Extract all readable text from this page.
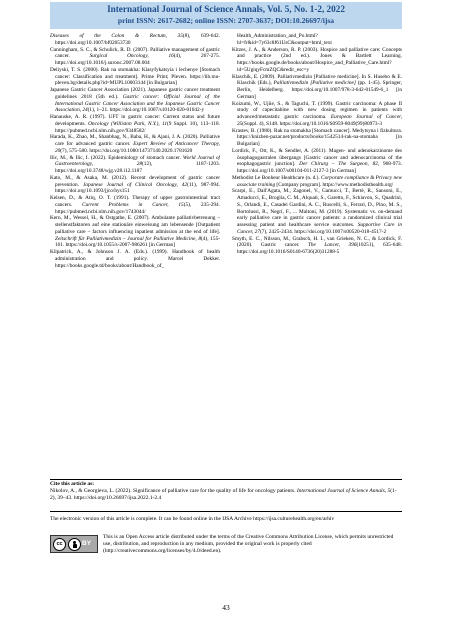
International Journal of Science Annals, Vol. 5, No. 1-2, 2022
print ISSN: 2617-2682; online ISSN: 2707-3637; DOI:10.26697/ijsa

Diseases of the Colon & Rectum, 35(8), 639-642. https://doi.org/10.1007/bf02053730

Cunningham, S. C., & Schulick, R. D. (2007). Palliative management of gastric cancer. Surgical Oncology, 16(4), 267-275. https://doi.org/10.1016/j.suronc.2007.08.004

Deliyski, T. S. (2000). Rak na stomakha: Klasyfykatsyia i lechenye [Stomach cancer: Classification and treatment]. Prime Print; Pleven. https://lib.mu-pleven.bg/details.php?id=MUPL10003144 [in Bulgarian]

Japanese Gastric Cancer Association (2021). Japanese gastric cancer treatment guidelines 2018 (5th ed.). Gastric cancer: Official Journal of the International Gastric Cancer Association and the Japanese Gastric Cancer Association, 24(1), 1–21. https://doi.org/10.1007/s10120-020-01042-y

Hanauske, A. R. (1997). UFT in gastric cancer: Current status and future developments. Oncology (Williston Park, N.Y.), 11(9 Suppl. 10), 113–118. https://pubmed.ncbi.nlm.nih.gov/9348582/

Harada, K., Zhao, M., Shanbhag, N., Baba, H., & Ajani, J. A. (2020). Palliative care for advanced gastric cancer. Expert Review of Anticancer Therapy, 20(7), 575-580. https://doi.org/10.1080/14737140.2020.1781620

Ilic, M., & Ilic, I. (2022). Epidemiology of stomach cancer. World Journal of Gastroenterology, 28(12), 1187-1203. https://doi.org/10.3748/wjg.v28.i12.1187

Kato, M., & Asaka, M. (2012). Recent development of gastric cancer prevention. Japanese Journal of Clinical Oncology, 42(11), 987-994. https://doi.org/10.1093/jjco/hys151

Kelsen, D., & Atiq, O. T. (1991). Therapy of upper gastrointestinal tract cancers. Current Problems in Cancer, 15(5), 235-294. https://pubmed.ncbi.nlm.nih.gov/1743044/

Kern, M., Wessel, H., & Ostgathe, E. (2007). Ambulante palliativbetreuung – stellenstfaktoren auf eine stationäre einweisung am lebensende [Outpatient palliative care – factors influencing inpatient admission at the end of life]. Zeitschrift für Palliativmedizin – Journal for Palliative Medicine, 8(4), 155-161. https://doi.org/10.1055/s-2007-986261 [in German]

Kilpatrick, A., & Johnson J. A. (Eds.). (1999). Handbook of health administration and policy. Marcel Dekker. https://books.google.td/books/about/Handbook_of_

Health_Administration_and_Po.html?hl=fr&id=7y63c8f61UsC&output=html_text

Kitzes, J. A., & Anderson, R. P. (2003). Hospice and palliative care: Concepts and practice (2nd ed.). Jones & Bartlett Learning. https://books.google.de/books/about/Hospice_and_Palliative_Care.html?id=5UgiqyFcmZQC&redir_esc=y

Klaschik, E. (2009). Palliativmedizin [Palliative medicine]. In S. Husebo & E. Klaschik (Eds.), Palliativmedizin [Palliative medicine] (pp. 1-45). Springer, Berlin, Heidelberg. https://doi.org/10.1007/978-3-642-01549-6_1 [in German]

Koizumi, W., Ujiie, S., & Taguchi, T. (1999). Gastric carcinoma: A phase II study of capecitabine with new dosing regimen in patients with advanced/metastatic gastric carcinoma. European Journal of Cancer, 35(Suppl. 4), S148. https://doi.org/10.1016/S0959-8049(99)80973-3

Krastev, B. (1980). Rak na stomakha [Stomach cancer]. Medytsyna i fizkultura. https://knizhen-pazar.net/products/books/1542514-rak-na-stomaha [in Bulgarian]

Lordick, F., Ott, K., & Sendler, A. (2011). Magen- und adenokarzinome des ösophagogastralen übergangs [Gastric cancer and adenocarcinoma of the esophagogastric junction]. Der Chirurg – The Surgeon, 82, 968-973. https://doi.org/10.1007/s00104-011-2127-3 [in German]

Methodist Le Bonheur Healthcare (n. d.). Corporate compliance & Privacy new associate training [Company program]. https://www.methodisthealth.org/

Scarpi, E., Dall'Agata, M., Zagonel, V., Gamucci, T., Bertè, R., Sansoni, E., Amaducci, E., Broglia, C. M., Alquati, S., Garetto, F., Schiavon, S., Quadrini, S., Orlandi, E., Casadei Gardini, A. C., Ruscelli, S., Ferrari, D., Pino, M. S., Bortolussi, R., Negri, F., ... Maltoni, M. (2019). Systematic vs. on-demand early palliative care in gastric cancer patients: a randomized clinical trial assessing patient and healthcare service outcomes. Supportive Care in Cancer, 27(7), 2425-2434. https://doi.org/10.1007/s00520-018-4517-2

Smyth, E. C., Nilsson, M., Grabsch, H. I., van Grieken, N. C., & Lordick, F. (2020). Gastric cancer. The Lancet, 396(10251), 635-648. https://doi.org/10.1016/S0140-6736(20)31288-5

Cite this article as:
Nikolov, A., & Georgieva, L. (2022). Significance of palliative care for the quality of life for oncology patients. International Journal of Science Annals, 5(1-2), 39–43. https://doi.org/10.26697/ijsa.2022.1-2.4
The electronic version of this article is complete. It can be found online in the IJSA Archive https://ijsa.culturehealth.org/en/arhiv
cc	BY
This is an Open Access article distributed under the terms of the Creative Commons Attribution License, which permits unrestricted use, distribution, and reproduction in any medium, provided the original work is properly cited (http://creativecommons.org/licenses/by/4.0/deed.en).
43
